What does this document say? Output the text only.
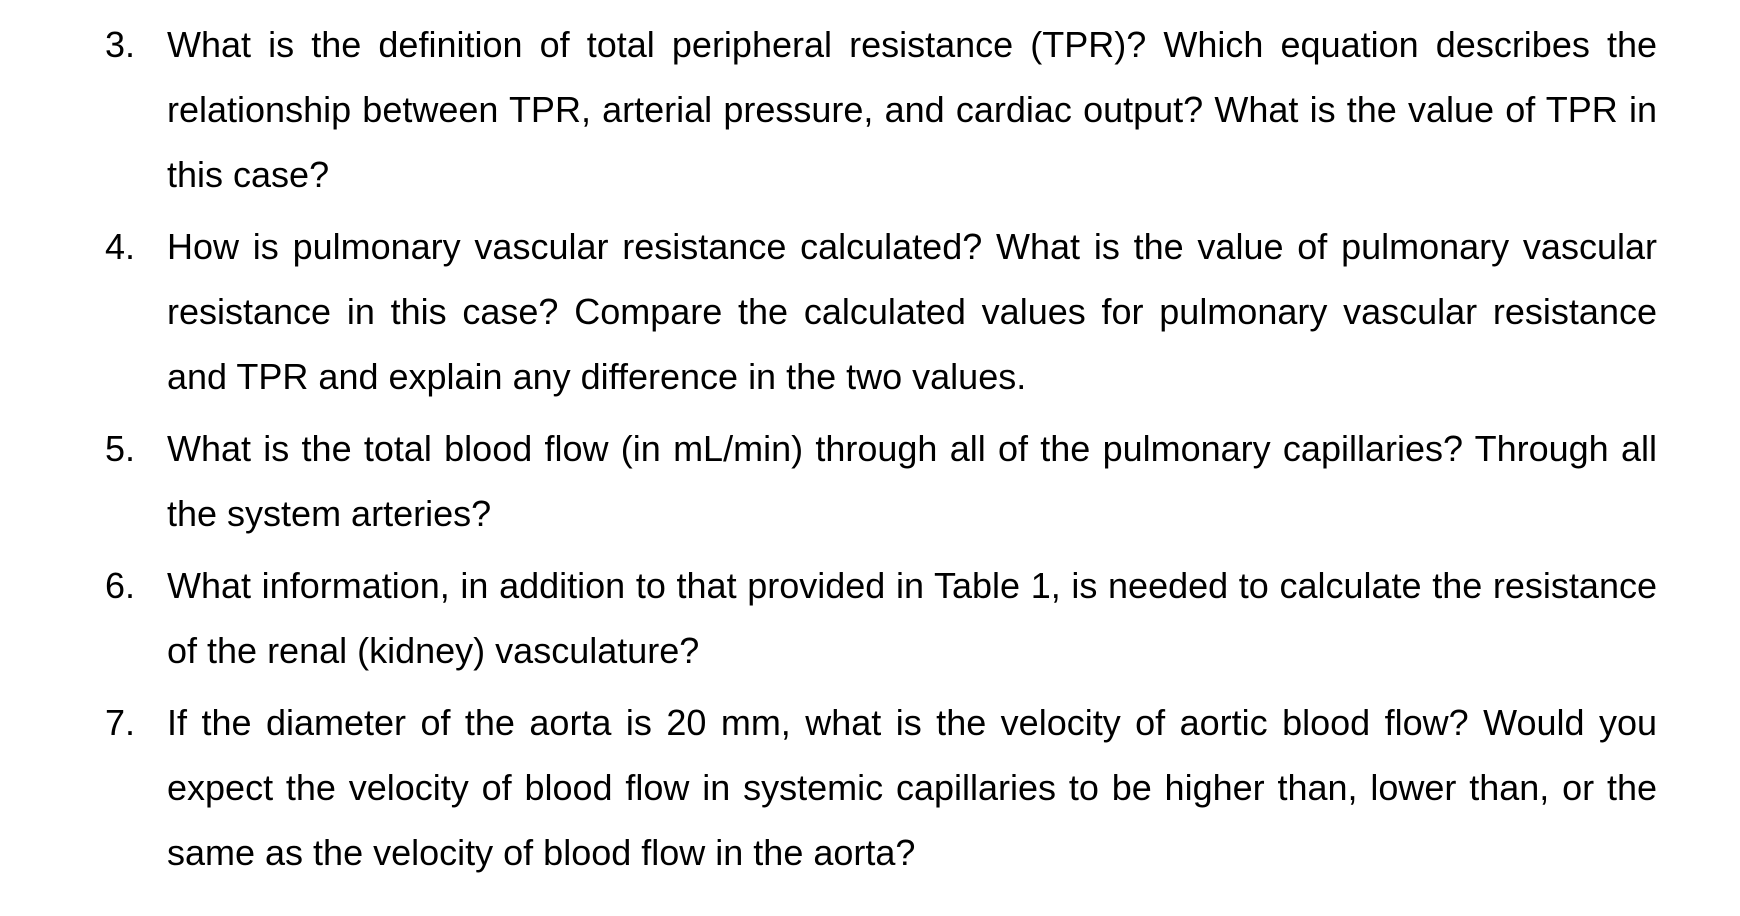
3. What is the definition of total peripheral resistance (TPR)? Which equation describes the relationship between TPR, arterial pressure, and cardiac output? What is the value of TPR in this case?

4. How is pulmonary vascular resistance calculated? What is the value of pulmonary vascular resistance in this case? Compare the calculated values for pulmonary vascular resistance and TPR and explain any difference in the two values.

5. What is the total blood flow (in mL/min) through all of the pulmonary capillaries? Through all the system arteries?

6. What information, in addition to that provided in Table 1, is needed to calculate the resistance of the renal (kidney) vasculature?

7. If the diameter of the aorta is 20 mm, what is the velocity of aortic blood flow? Would you expect the velocity of blood flow in systemic capillaries to be higher than, lower than, or the same as the velocity of blood flow in the aorta?
